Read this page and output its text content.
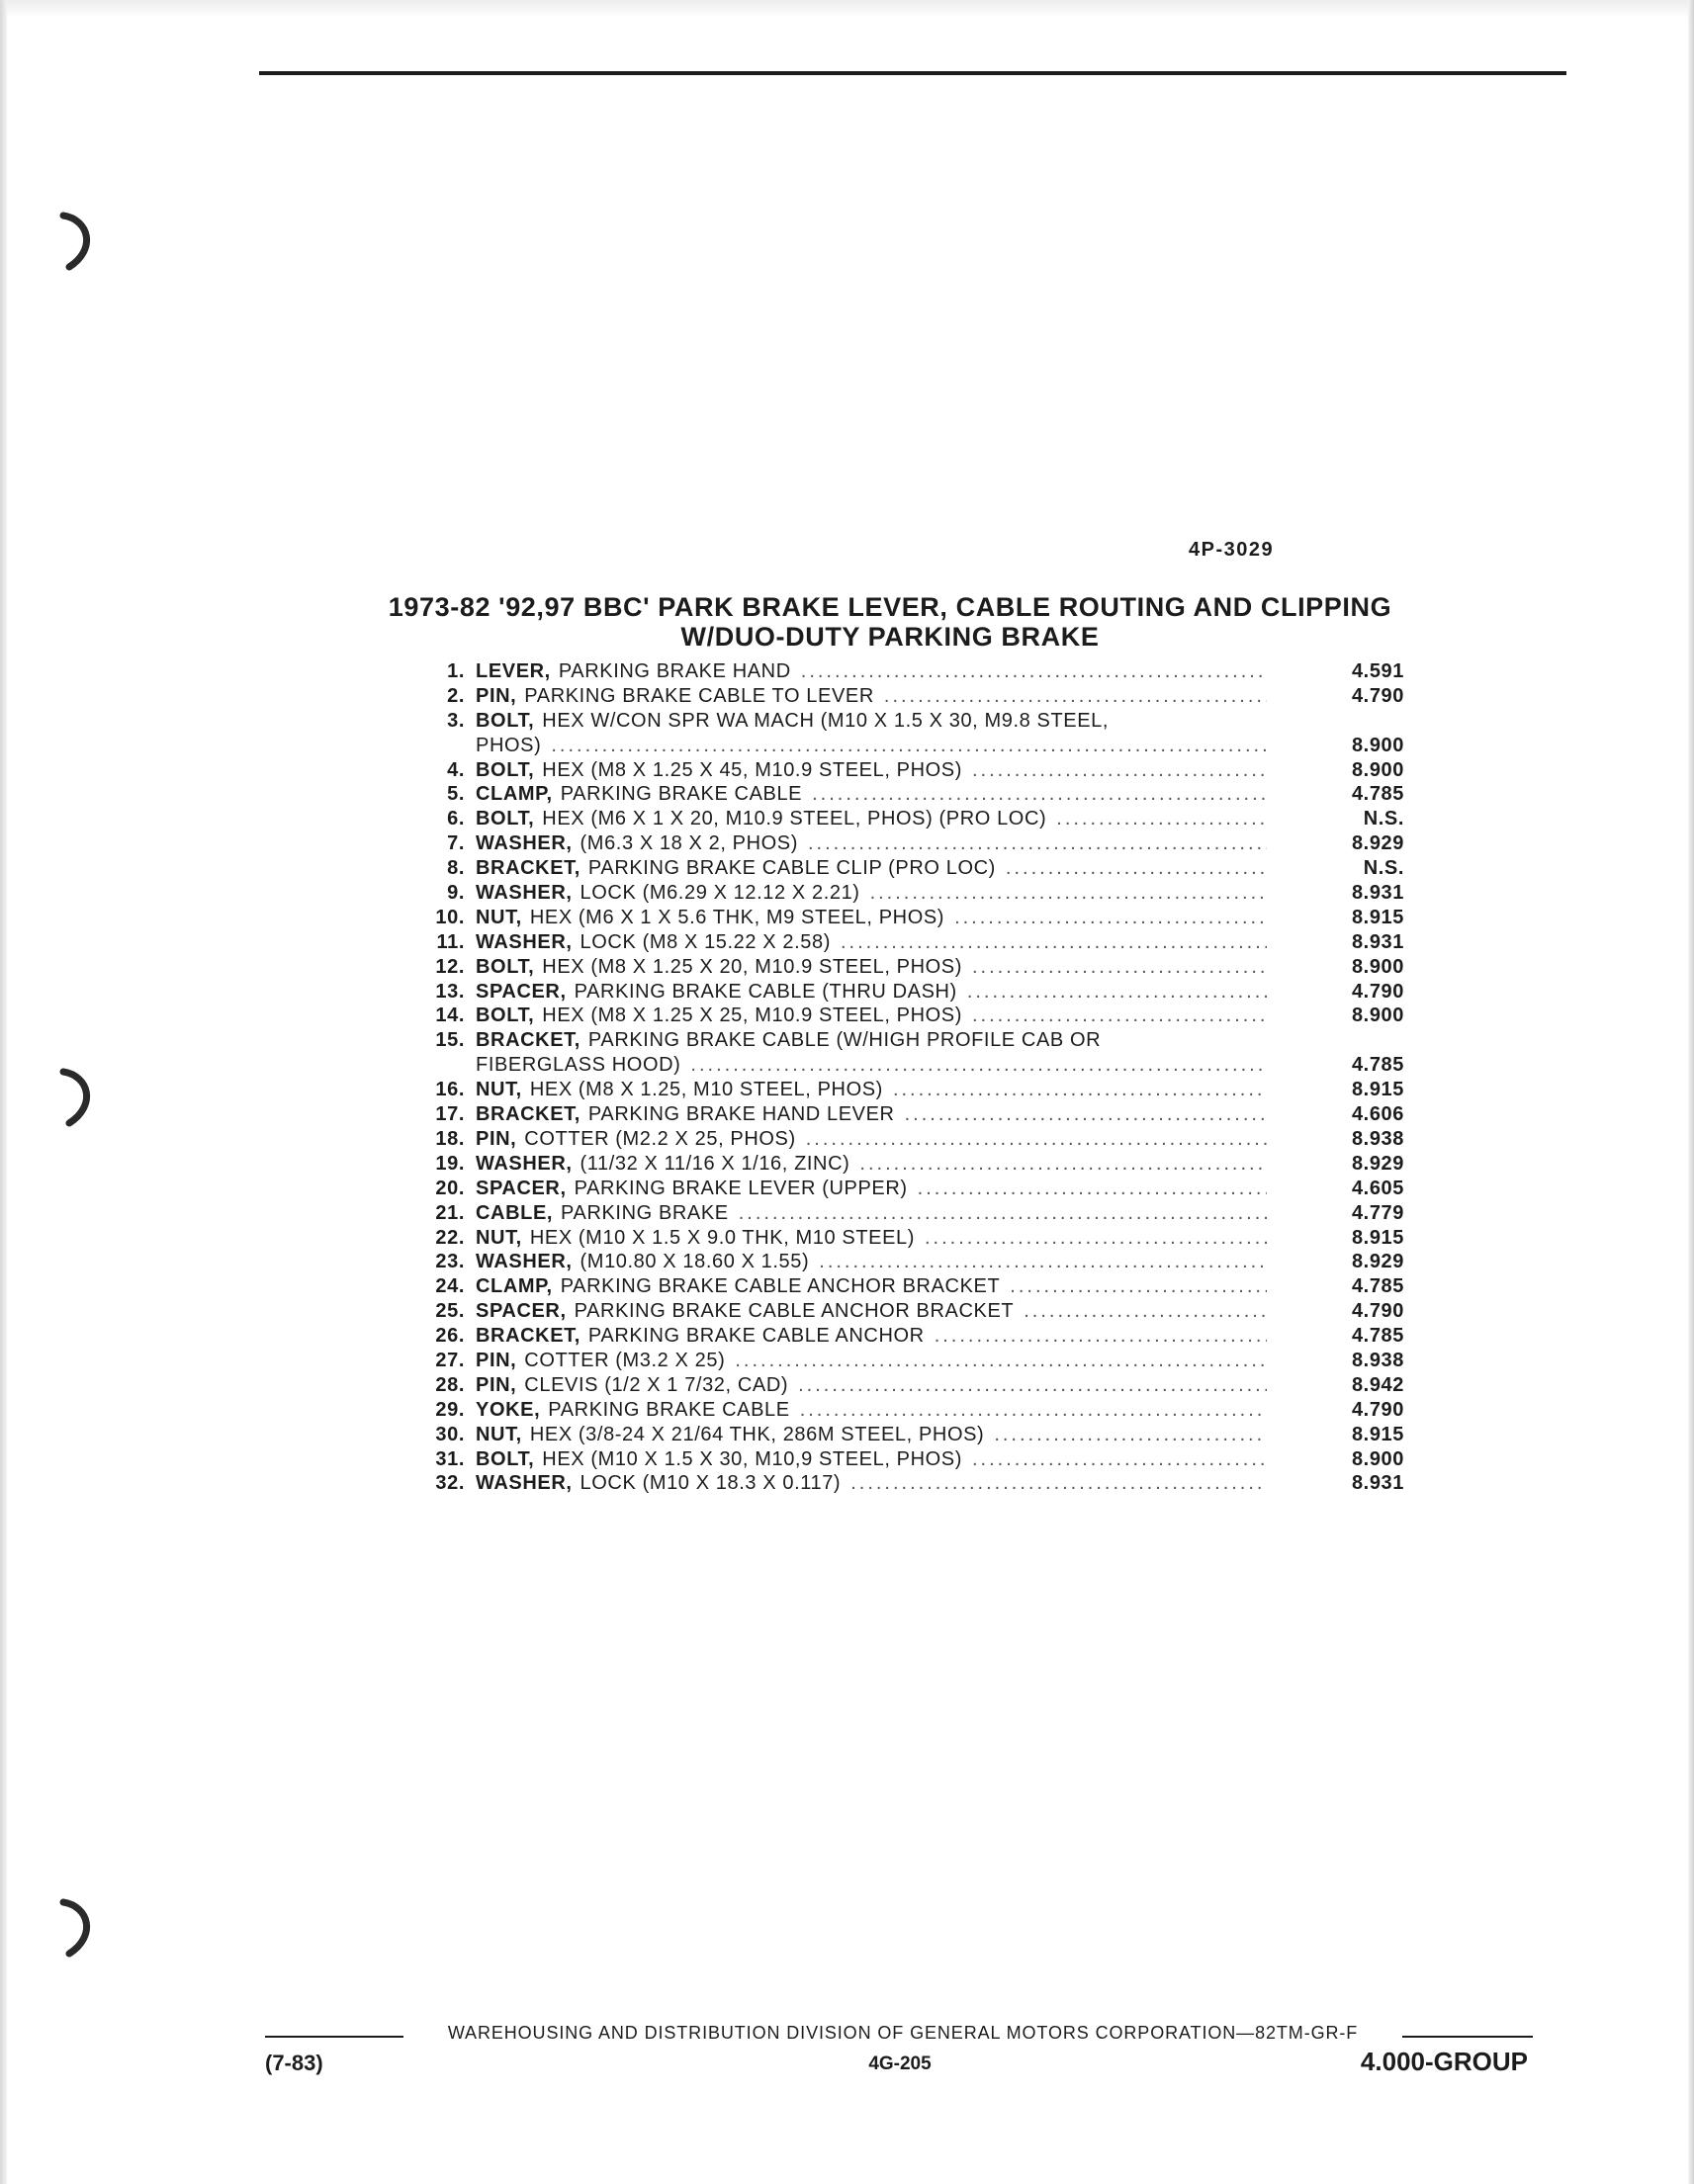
4P-3029
1973-82 '92,97 BBC' PARK BRAKE LEVER, CABLE ROUTING AND CLIPPING
W/DUO-DUTY PARKING BRAKE
1. LEVER, PARKING BRAKE HAND .....	4.591
2. PIN, PARKING BRAKE CABLE TO LEVER .....	4.790
3. BOLT, HEX W/CON SPR WA MACH (M10 X 1.5 X 30, M9.8 STEEL,
PHOS) .....	8.900
4. BOLT, HEX (M8 X 1.25 X 45, M10.9 STEEL, PHOS) .....	8.900
5. CLAMP, PARKING BRAKE CABLE .....	4.785
6. BOLT, HEX (M6 X 1 X 20, M10.9 STEEL, PHOS) (PRO LOC) .....	N.S.
7. WASHER, (M6.3 X 18 X 2, PHOS) .....	8.929
8. BRACKET, PARKING BRAKE CABLE CLIP (PRO LOC) .....	N.S.
9. WASHER, LOCK (M6.29 X 12.12 X 2.21) .....	8.931
10. NUT, HEX (M6 X 1 X 5.6 THK, M9 STEEL, PHOS) .....	8.915
11. WASHER, LOCK (M8 X 15.22 X 2.58) .....	8.931
12. BOLT, HEX (M8 X 1.25 X 20, M10.9 STEEL, PHOS) .....	8.900
13. SPACER, PARKING BRAKE CABLE (THRU DASH) .....	4.790
14. BOLT, HEX (M8 X 1.25 X 25, M10.9 STEEL, PHOS) .....	8.900
15. BRACKET, PARKING BRAKE CABLE (W/HIGH PROFILE CAB OR
FIBERGLASS HOOD) .....	4.785
16. NUT, HEX (M8 X 1.25, M10 STEEL, PHOS) .....	8.915
17. BRACKET, PARKING BRAKE HAND LEVER .....	4.606
18. PIN, COTTER (M2.2 X 25, PHOS) .....	8.938
19. WASHER, (11/32 X 11/16 X 1/16, ZINC) .....	8.929
20. SPACER, PARKING BRAKE LEVER (UPPER) .....	4.605
21. CABLE, PARKING BRAKE .....	4.779
22. NUT, HEX (M10 X 1.5 X 9.0 THK, M10 STEEL) .....	8.915
23. WASHER, (M10.80 X 18.60 X 1.55) .....	8.929
24. CLAMP, PARKING BRAKE CABLE ANCHOR BRACKET .....	4.785
25. SPACER, PARKING BRAKE CABLE ANCHOR BRACKET .....	4.790
26. BRACKET, PARKING BRAKE CABLE ANCHOR .....	4.785
27. PIN, COTTER (M3.2 X 25) .....	8.938
28. PIN, CLEVIS (1/2 X 1 7/32, CAD) .....	8.942
29. YOKE, PARKING BRAKE CABLE .....	4.790
30. NUT, HEX (3/8-24 X 21/64 THK, 286M STEEL, PHOS) .....	8.915
31. BOLT, HEX (M10 X 1.5 X 30, M10,9 STEEL, PHOS) .....	8.900
32. WASHER, LOCK (M10 X 18.3 X 0.117) .....	8.931
WAREHOUSING AND DISTRIBUTION DIVISION OF GENERAL MOTORS CORPORATION—82TM-GR-F
(7-83)	4G-205	4.000-GROUP
